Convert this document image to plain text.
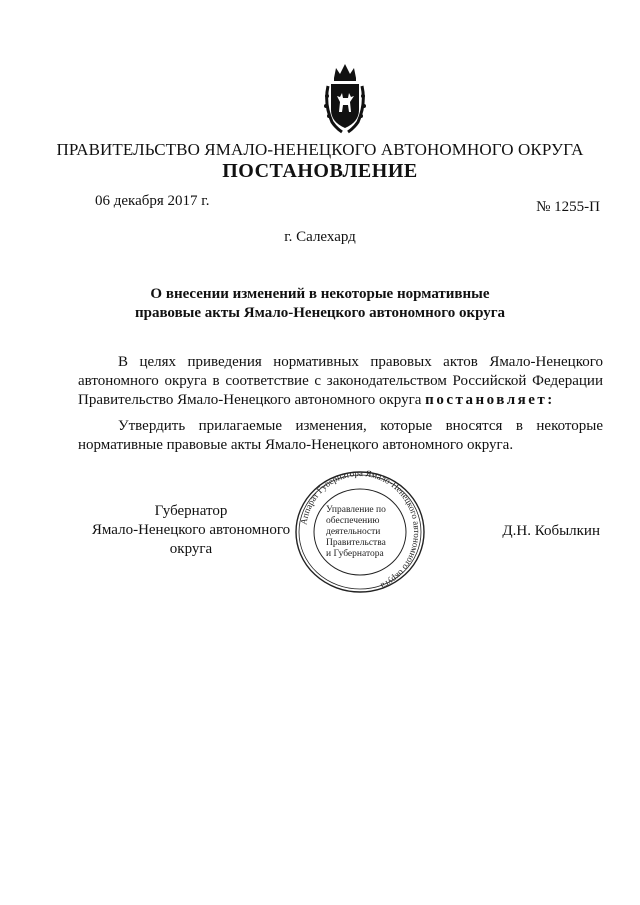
ПРАВИТЕЛЬСТВО ЯМАЛО-НЕНЕЦКОГО АВТОНОМНОГО ОКРУГА
ПОСТАНОВЛЕНИЕ
06 декабря 2017 г.	№ 1255-П
г. Салехард
О внесении изменений в некоторые нормативные
правовые акты Ямало-Ненецкого автономного округа
В целях приведения нормативных правовых актов Ямало-Ненецкого автономного округа в соответствие с законодательством Российской Федерации Правительство Ямало-Ненецкого автономного округа постановляет:
Утвердить прилагаемые изменения, которые вносятся в некоторые нормативные правовые акты Ямало-Ненецкого автономного округа.
Губернатор
Ямало-Ненецкого автономного округа
Аппарат Губернатора Ямало-Ненецкого автономного округа
Управление по
обеспечению
деятельности
Правительства
и Губернатора
Д.Н. Кобылкин
